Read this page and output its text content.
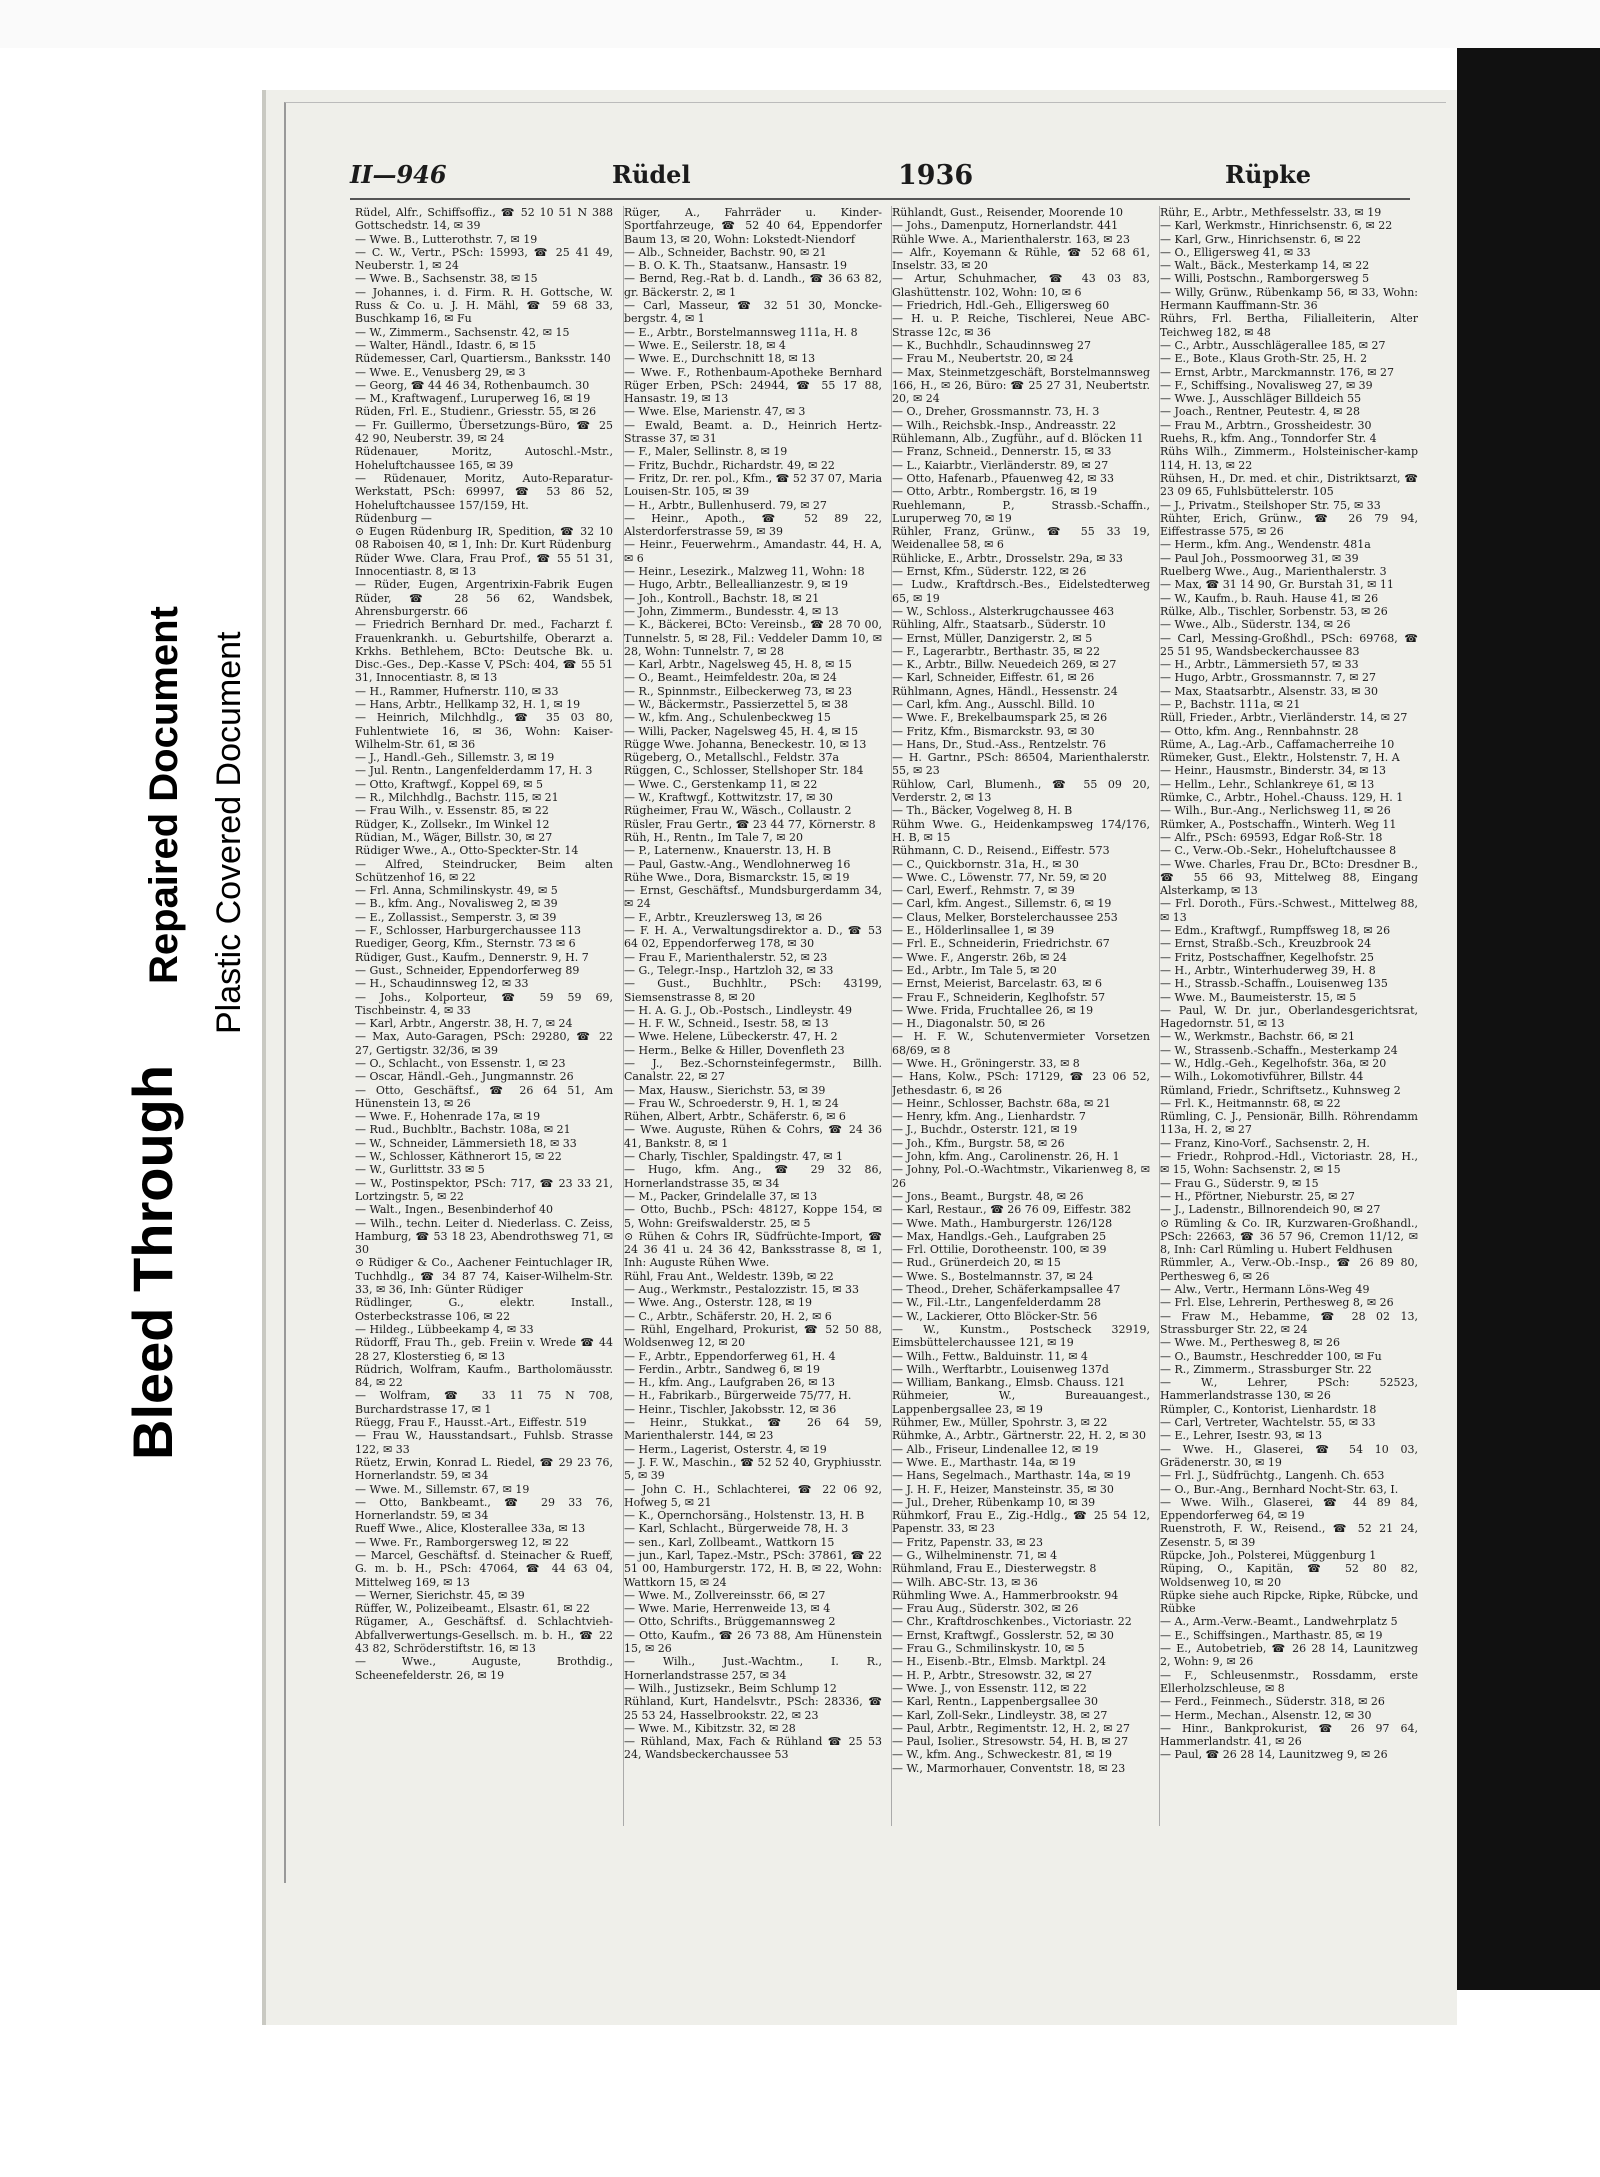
Bleed Through
Repaired Document Plastic Covered Document
II—946	Rüdel	1936	Rüpke

Rüdel, Alfr., Schiffsoffiz., ☎ 52 10 51 N 388 Gottschedstr. 14, ✉ 39

— Wwe. B., Lutterothstr. 7, ✉ 19

— C. W., Vertr., PSch: 15993, ☎ 25 41 49, Neuberstr. 1, ✉ 24

— Wwe. B., Sachsenstr. 38, ✉ 15

— Johannes, i. d. Firm. R. H. Gottsche, W. Russ & Co. u. J. H. Mähl, ☎ 59 68 33, Buschkamp 16, ✉ Fu

— W., Zimmerm., Sachsenstr. 42, ✉ 15

— Walter, Händl., Idastr. 6, ✉ 15

Rüdemesser, Carl, Quartiersm., Banksstr. 140

— Wwe. E., Venusberg 29, ✉ 3

— Georg, ☎ 44 46 34, Rothenbaumch. 30

— M., Kraftwagenf., Luruperweg 16, ✉ 19

Rüden, Frl. E., Studienr., Griesstr. 55, ✉ 26

— Fr. Guillermo, Übersetzungs-Büro, ☎ 25 42 90, Neuberstr. 39, ✉ 24

Rüdenauer, Moritz, Autoschl.-Mstr., Hoheluftchaussee 165, ✉ 39

— Rüdenauer, Moritz, Auto-Reparatur-Werkstatt, PSch: 69997, ☎ 53 86 52, Hoheluftchaussee 157/159, Ht.

Rüdenburg —

⊙ Eugen Rüdenburg IR, Spedition, ☎ 32 10 08 Raboisen 40, ✉ 1, Inh: Dr. Kurt Rüdenburg

Rüder Wwe. Clara, Frau Prof., ☎ 55 51 31, Innocentiastr. 8, ✉ 13

— Rüder, Eugen, Argentrixin-Fabrik Eugen Rüder, ☎ 28 56 62, Wandsbek, Ahrensburgerstr. 66

— Friedrich Bernhard Dr. med., Facharzt f. Frauenkrankh. u. Geburtshilfe, Oberarzt a. Krkhs. Bethlehem, BCto: Deutsche Bk. u. Disc.-Ges., Dep.-Kasse V, PSch: 404, ☎ 55 51 31, Innocentiastr. 8, ✉ 13

— H., Rammer, Hufnerstr. 110, ✉ 33

— Hans, Arbtr., Hellkamp 32, H. 1, ✉ 19

— Heinrich, Milchhdlg., ☎ 35 03 80, Fuhlentwiete 16, ✉ 36, Wohn: Kaiser-Wilhelm-Str. 61, ✉ 36

— J., Handl.-Geh., Sillemstr. 3, ✉ 19

— Jul. Rentn., Langenfelderdamm 17, H. 3

— Otto, Kraftwgf., Koppel 69, ✉ 5

— R., Milchhdlg., Bachstr. 115, ✉ 21

— Frau Wilh., v. Essenstr. 85, ✉ 22

Rüdger, K., Zollsekr., Im Winkel 12

Rüdian, M., Wäger, Billstr. 30, ✉ 27

Rüdiger Wwe., A., Otto-Speckter-Str. 14

— Alfred, Steindrucker, Beim alten Schützenhof 16, ✉ 22

— Frl. Anna, Schmilinskystr. 49, ✉ 5

— B., kfm. Ang., Novalisweg 2, ✉ 39

— E., Zollassist., Semperstr. 3, ✉ 39

— F., Schlosser, Harburgerchaussee 113

Ruediger, Georg, Kfm., Sternstr. 73 ✉ 6

Rüdiger, Gust., Kaufm., Dennerstr. 9, H. 7

— Gust., Schneider, Eppendorferweg 89

— H., Schaudinnsweg 12, ✉ 33

— Johs., Kolporteur, ☎ 59 59 69, Tischbeinstr. 4, ✉ 33

— Karl, Arbtr., Angerstr. 38, H. 7, ✉ 24

— Max, Auto-Garagen, PSch: 29280, ☎ 22 27, Gertigstr. 32/36, ✉ 39

— O., Schlacht., von Essenstr. 1, ✉ 23

— Oscar, Händl.-Geh., Jungmannstr. 26

— Otto, Geschäftsf., ☎ 26 64 51, Am Hünenstein 13, ✉ 26

— Wwe. F., Hohenrade 17a, ✉ 19

— Rud., Buchbltr., Bachstr. 108a, ✉ 21

— W., Schneider, Lämmersieth 18, ✉ 33

— W., Schlosser, Käthnerort 15, ✉ 22

— W., Gurlittstr. 33 ✉ 5

— W., Postinspektor, PSch: 717, ☎ 23 33 21, Lortzingstr. 5, ✉ 22

— Walt., Ingen., Besenbinderhof 40

— Wilh., techn. Leiter d. Niederlass. C. Zeiss, Hamburg, ☎ 53 18 23, Abendrothsweg 71, ✉ 30

⊙ Rüdiger & Co., Aachener Feintuchlager IR, Tuchhdlg., ☎ 34 87 74, Kaiser-Wilhelm-Str. 33, ✉ 36, Inh: Günter Rüdiger

Rüdlinger, G., elektr. Install., Osterbeckstrasse 106, ✉ 22

— Hildeg., Lübbeekamp 4, ✉ 33

Rüdorff, Frau Th., geb. Freiin v. Wrede ☎ 44 28 27, Klosterstieg 6, ✉ 13

Rüdrich, Wolfram, Kaufm., Bartholomäusstr. 84, ✉ 22

— Wolfram, ☎ 33 11 75 N 708, Burchardstrasse 17, ✉ 1

Rüegg, Frau F., Hausst.-Art., Eiffestr. 519

— Frau W., Hausstandsart., Fuhlsb. Strasse 122, ✉ 33

Rüetz, Erwin, Konrad L. Riedel, ☎ 29 23 76, Hornerlandstr. 59, ✉ 34

— Wwe. M., Sillemstr. 67, ✉ 19

— Otto, Bankbeamt., ☎ 29 33 76, Hornerlandstr. 59, ✉ 34

Rueff Wwe., Alice, Klosterallee 33a, ✉ 13

— Wwe. Fr., Ramborgersweg 12, ✉ 22

— Marcel, Geschäftsf. d. Steinacher & Rueff, G. m. b. H., PSch: 47064, ☎ 44 63 04, Mittelweg 169, ✉ 13

— Werner, Sierichstr. 45, ✉ 39

Rüffer, W., Polizeibeamt., Elsastr. 61, ✉ 22

Rügamer, A., Geschäftsf. d. Schlachtvieh-Abfallverwertungs-Gesellsch. m. b. H., ☎ 22 43 82, Schröderstiftstr. 16, ✉ 13

— Wwe., Auguste, Brothdig., Scheenefelderstr. 26, ✉ 19

Rüger, A., Fahrräder u. Kinder-Sportfahrzeuge, ☎ 52 40 64, Eppendorfer Baum 13, ✉ 20, Wohn: Lokstedt-Niendorf

— Alb., Schneider, Bachstr. 90, ✉ 21

— B. O. K. Th., Staatsanw., Hansastr. 19

— Bernd, Reg.-Rat b. d. Landh., ☎ 36 63 82, gr. Bäckerstr. 2, ✉ 1

— Carl, Masseur, ☎ 32 51 30, Moncke-bergstr. 4, ✉ 1

— E., Arbtr., Borstelmannsweg 111a, H. 8

— Wwe. E., Seilerstr. 18, ✉ 4

— Wwe. E., Durchschnitt 18, ✉ 13

— Wwe. F., Rothenbaum-Apotheke Bernhard Rüger Erben, PSch: 24944, ☎ 55 17 88, Hansastr. 19, ✉ 13

— Wwe. Else, Marienstr. 47, ✉ 3

— Ewald, Beamt. a. D., Heinrich Hertz-Strasse 37, ✉ 31

— F., Maler, Sellinstr. 8, ✉ 19

— Fritz, Buchdr., Richardstr. 49, ✉ 22

— Fritz, Dr. rer. pol., Kfm., ☎ 52 37 07, Maria Louisen-Str. 105, ✉ 39

— H., Arbtr., Bullenhuserd. 79, ✉ 27

— Heinr., Apoth., ☎ 52 89 22, Alsterdorferstrasse 59, ✉ 39

— Heinr., Feuerwehrm., Amandastr. 44, H. A, ✉ 6

— Heinr., Lesezirk., Malzweg 11, Wohn: 18

— Hugo, Arbtr., Belleallianzestr. 9, ✉ 19

— Joh., Kontroll., Bachstr. 18, ✉ 21

— John, Zimmerm., Bundesstr. 4, ✉ 13

— K., Bäckerei, BCto: Vereinsb., ☎ 28 70 00, Tunnelstr. 5, ✉ 28, Fil.: Veddeler Damm 10, ✉ 28, Wohn: Tunnelstr. 7, ✉ 28

— Karl, Arbtr., Nagelsweg 45, H. 8, ✉ 15

— O., Beamt., Heimfeldestr. 20a, ✉ 24

— R., Spinnmstr., Eilbeckerweg 73, ✉ 23

— W., Bäckermstr., Passierzettel 5, ✉ 38

— W., kfm. Ang., Schulenbeckweg 15

— Willi, Packer, Nagelsweg 45, H. 4, ✉ 15

Rügge Wwe. Johanna, Beneckestr. 10, ✉ 13

Rügeberg, O., Metallschl., Feldstr. 37a

Rüggen, C., Schlosser, Stellshoper Str. 184

— Wwe. C., Gerstenkamp 11, ✉ 22

— W., Kraftwgf., Kottwitzstr. 17, ✉ 30

Rügheimer, Frau W., Wäsch., Collaustr. 2

Rüsler, Frau Gertr., ☎ 23 44 77, Körnerstr. 8

Rüh, H., Rentn., Im Tale 7, ✉ 20

— P., Laternenw., Knauerstr. 13, H. B

— Paul, Gastw.-Ang., Wendlohnerweg 16

Rühe Wwe., Dora, Bismarckstr. 15, ✉ 19

— Ernst, Geschäftsf., Mundsburgerdamm 34, ✉ 24

— F., Arbtr., Kreuzlersweg 13, ✉ 26

— F. H. A., Verwaltungsdirektor a. D., ☎ 53 64 02, Eppendorferweg 178, ✉ 30

— Frau F., Marienthalerstr. 52, ✉ 23

— G., Telegr.-Insp., Hartzloh 32, ✉ 33

— Gust., Buchhltr., PSch: 43199, Siemsenstrasse 8, ✉ 20

— H. A. G. J., Ob.-Postsch., Lindleystr. 49

— H. F. W., Schneid., Isestr. 58, ✉ 13

— Wwe. Helene, Lübeckerstr. 47, H. 2

— Herm., Belke & Hiller, Dovenfleth 23

— J., Bez.-Schornsteinfegermstr., Billh. Canalstr. 22, ✉ 27

— Max, Hausw., Sierichstr. 53, ✉ 39

— Frau W., Schroederstr. 9, H. 1, ✉ 24

Rühen, Albert, Arbtr., Schäferstr. 6, ✉ 6

— Wwe. Auguste, Rühen & Cohrs, ☎ 24 36 41, Bankstr. 8, ✉ 1

— Charly, Tischler, Spaldingstr. 47, ✉ 1

— Hugo, kfm. Ang., ☎ 29 32 86, Hornerlandstrasse 35, ✉ 34

— M., Packer, Grindelalle 37, ✉ 13

— Otto, Buchb., PSch: 48127, Koppe 154, ✉ 5, Wohn: Greifswalderstr. 25, ✉ 5

⊙ Rühen & Cohrs IR, Südfrüchte-Import, ☎ 24 36 41 u. 24 36 42, Banksstrasse 8, ✉ 1, Inh: Auguste Rühen Wwe.

Rühl, Frau Ant., Weldestr. 139b, ✉ 22

— Aug., Werkmstr., Pestalozzistr. 15, ✉ 33

— Wwe. Ang., Osterstr. 128, ✉ 19

— C., Arbtr., Schäferstr. 20, H. 2, ✉ 6

— Rühl, Engelhard, Prokurist, ☎ 52 50 88, Woldsenweg 12, ✉ 20

— F., Arbtr., Eppendorferweg 61, H. 4

— Ferdin., Arbtr., Sandweg 6, ✉ 19

— H., kfm. Ang., Laufgraben 26, ✉ 13

— H., Fabrikarb., Bürgerweide 75/77, H.

— Heinr., Tischler, Jakobsstr. 12, ✉ 36

— Heinr., Stukkat., ☎ 26 64 59, Marienthalerstr. 144, ✉ 23

— Herm., Lagerist, Osterstr. 4, ✉ 19

— J. F. W., Maschin., ☎ 52 52 40, Gryphiusstr. 5, ✉ 39

— John C. H., Schlachterei, ☎ 22 06 92, Hofweg 5, ✉ 21

— K., Opernchorsäng., Holstenstr. 13, H. B

— Karl, Schlacht., Bürgerweide 78, H. 3

— sen., Karl, Zollbeamt., Wattkorn 15

— jun., Karl, Tapez.-Mstr., PSch: 37861, ☎ 22 51 00, Hamburgerstr. 172, H. B, ✉ 22, Wohn: Wattkorn 15, ✉ 24

— Wwe. M., Zollvereinsstr. 66, ✉ 27

— Wwe. Marie, Herrenweide 13, ✉ 4

— Otto, Schrifts., Brüggemannsweg 2

— Otto, Kaufm., ☎ 26 73 88, Am Hünenstein 15, ✉ 26

— Wilh., Just.-Wachtm., I. R., Hornerlandstrasse 257, ✉ 34

— Wilh., Justizsekr., Beim Schlump 12

Rühland, Kurt, Handelsvtr., PSch: 28336, ☎ 25 53 24, Hasselbrookstr. 22, ✉ 23

— Wwe. M., Kibitzstr. 32, ✉ 28

— Rühland, Max, Fach & Rühland ☎ 25 53 24, Wandsbeckerchaussee 53

Rühlandt, Gust., Reisender, Moorende 10

— Johs., Damenputz, Hornerlandstr. 441

Rühle Wwe. A., Marienthalerstr. 163, ✉ 23

— Alfr., Koyemann & Rühle, ☎ 52 68 61, Inselstr. 33, ✉ 20

— Artur, Schuhmacher, ☎ 43 03 83, Glashüttenstr. 102, Wohn: 10, ✉ 6

— Friedrich, Hdl.-Geh., Elligersweg 60

— H. u. P. Reiche, Tischlerei, Neue ABC-Strasse 12c, ✉ 36

— K., Buchhdlr., Schaudinnsweg 27

— Frau M., Neubertstr. 20, ✉ 24

— Max, Steinmetzgeschäft, Borstelmannsweg 166, H., ✉ 26, Büro: ☎ 25 27 31, Neubertstr. 20, ✉ 24

— O., Dreher, Grossmannstr. 73, H. 3

— Wilh., Reichsbk.-Insp., Andreasstr. 22

Rühlemann, Alb., Zugführ., auf d. Blöcken 11

— Franz, Schneid., Dennerstr. 15, ✉ 33

— L., Kaiarbtr., Vierländerstr. 89, ✉ 27

— Otto, Hafenarb., Pfauenweg 42, ✉ 33

— Otto, Arbtr., Rombergstr. 16, ✉ 19

Ruehlemann, P., Strassb.-Schaffn., Luruperweg 70, ✉ 19

Rühler, Franz, Grünw., ☎ 55 33 19, Weidenallee 58, ✉ 6

Rühlicke, E., Arbtr., Drosselstr. 29a, ✉ 33

— Ernst, Kfm., Süderstr. 122, ✉ 26

— Ludw., Kraftdrsch.-Bes., Eidelstedterweg 65, ✉ 19

— W., Schloss., Alsterkrugchaussee 463

Rühling, Alfr., Staatsarb., Süderstr. 10

— Ernst, Müller, Danzigerstr. 2, ✉ 5

— F., Lagerarbtr., Berthastr. 35, ✉ 22

— K., Arbtr., Billw. Neuedeich 269, ✉ 27

— Karl, Schneider, Eiffestr. 61, ✉ 26

Rühlmann, Agnes, Händl., Hessenstr. 24

— Carl, kfm. Ang., Ausschl. Billd. 10

— Wwe. F., Brekelbaumspark 25, ✉ 26

— Fritz, Kfm., Bismarckstr. 93, ✉ 30

— Hans, Dr., Stud.-Ass., Rentzelstr. 76

— H. Gartnr., PSch: 86504, Marienthalerstr. 55, ✉ 23

Rühlow, Carl, Blumenh., ☎ 55 09 20, Verderstr. 2, ✉ 13

— Th., Bäcker, Vogelweg 8, H. B

Rühm Wwe. G., Heidenkampsweg 174/176, H. B, ✉ 15

Rühmann, C. D., Reisend., Eiffestr. 573

— C., Quickbornstr. 31a, H., ✉ 30

— Wwe. C., Löwenstr. 77, Nr. 59, ✉ 20

— Carl, Ewerf., Rehmstr. 7, ✉ 39

— Carl, kfm. Angest., Sillemstr. 6, ✉ 19

— Claus, Melker, Borstelerchaussee 253

— E., Hölderlinsallee 1, ✉ 39

— Frl. E., Schneiderin, Friedrichstr. 67

— Wwe. F., Angerstr. 26b, ✉ 24

— Ed., Arbtr., Im Tale 5, ✉ 20

— Ernst, Meierist, Barcelastr. 63, ✉ 6

— Frau F., Schneiderin, Keglhofstr. 57

— Wwe. Frida, Fruchtallee 26, ✉ 19

— H., Diagonalstr. 50, ✉ 26

— H. F. W., Schutenvermieter Vorsetzen 68/69, ✉ 8

— Wwe. H., Gröningerstr. 33, ✉ 8

— Hans, Kolw., PSch: 17129, ☎ 23 06 52, Jethesdastr. 6, ✉ 26

— Heinr., Schlosser, Bachstr. 68a, ✉ 21

— Henry, kfm. Ang., Lienhardstr. 7

— J., Buchdr., Osterstr. 121, ✉ 19

— Joh., Kfm., Burgstr. 58, ✉ 26

— John, kfm. Ang., Carolinenstr. 26, H. 1

— Johny, Pol.-O.-Wachtmstr., Vikarienweg 8, ✉ 26

— Jons., Beamt., Burgstr. 48, ✉ 26

— Karl, Restaur., ☎ 26 76 09, Eiffestr. 382

— Wwe. Math., Hamburgerstr. 126/128

— Max, Handlgs.-Geh., Laufgraben 25

— Frl. Ottilie, Dorotheenstr. 100, ✉ 39

— Rud., Grünerdeich 20, ✉ 15

— Wwe. S., Bostelmannstr. 37, ✉ 24

— Theod., Dreher, Schäferkampsallee 47

— W., Fil.-Ltr., Langenfelderdamm 28

— W., Lackierer, Otto Blöcker-Str. 56

— W., Kunstm., Postscheck 32919, Eimsbüttelerchaussee 121, ✉ 19

— Wilh., Fettw., Balduinstr. 11, ✉ 4

— Wilh., Werftarbtr., Louisenweg 137d

— William, Bankang., Elmsb. Chauss. 121

Rühmeier, W., Bureauangest., Lappenbergsallee 23, ✉ 19

Rühmer, Ew., Müller, Spohrstr. 3, ✉ 22

Rühmke, A., Arbtr., Gärtnerstr. 22, H. 2, ✉ 30

— Alb., Friseur, Lindenallee 12, ✉ 19

— Wwe. E., Marthastr. 14a, ✉ 19

— Hans, Segelmach., Marthastr. 14a, ✉ 19

— J. H. F., Heizer, Mansteinstr. 35, ✉ 30

— Jul., Dreher, Rübenkamp 10, ✉ 39

Rühmkorf, Frau E., Zig.-Hdlg., ☎ 25 54 12, Papenstr. 33, ✉ 23

— Fritz, Papenstr. 33, ✉ 23

— G., Wilhelminenstr. 71, ✉ 4

Rühmland, Frau E., Diesterwegstr. 8

— Wilh. ABC-Str. 13, ✉ 36

Rühmling Wwe. A., Hammerbrookstr. 94

— Frau Aug., Süderstr. 302, ✉ 26

— Chr., Kraftdroschkenbes., Victoriastr. 22

— Ernst, Kraftwgf., Gosslerstr. 52, ✉ 30

— Frau G., Schmilinskystr. 10, ✉ 5

— H., Eisenb.-Btr., Elmsb. Marktpl. 24

— H. P., Arbtr., Stresowstr. 32, ✉ 27

— Wwe. J., von Essenstr. 112, ✉ 22

— Karl, Rentn., Lappenbergsallee 30

— Karl, Zoll-Sekr., Lindleystr. 38, ✉ 27

— Paul, Arbtr., Regimentstr. 12, H. 2, ✉ 27

— Paul, Isolier., Stresowstr. 54, H. B, ✉ 27

— W., kfm. Ang., Schweckestr. 81, ✉ 19

— W., Marmorhauer, Conventstr. 18, ✉ 23

Rühr, E., Arbtr., Methfesselstr. 33, ✉ 19

— Karl, Werkmstr., Hinrichsenstr. 6, ✉ 22

— Karl, Grw., Hinrichsenstr. 6, ✉ 22

— O., Elligersweg 41, ✉ 33

— Walt., Bäck., Mesterkamp 14, ✉ 22

— Willi, Postschn., Ramborgersweg 5

— Willy, Grünw., Rübenkamp 56, ✉ 33, Wohn: Hermann Kauffmann-Str. 36

Rührs, Frl. Bertha, Filialleiterin, Alter Teichweg 182, ✉ 48

— C., Arbtr., Ausschlägerallee 185, ✉ 27

— E., Bote., Klaus Groth-Str. 25, H. 2

— Ernst, Arbtr., Marckmannstr. 176, ✉ 27

— F., Schiffsing., Novalisweg 27, ✉ 39

— Wwe. J., Ausschläger Billdeich 55

— Joach., Rentner, Peutestr. 4, ✉ 28

— Frau M., Arbtrn., Grossheidestr. 30

Ruehs, R., kfm. Ang., Tonndorfer Str. 4

Rühs Wilh., Zimmerm., Holsteinischer-kamp 114, H. 13, ✉ 22

Rühsen, H., Dr. med. et chir., Distriktsarzt, ☎ 23 09 65, Fuhlsbüttelerstr. 105

— J., Privatm., Steilshoper Str. 75, ✉ 33

Rühter, Erich, Grünw., ☎ 26 79 94, Eiffestrasse 575, ✉ 26

— Herm., kfm. Ang., Wendenstr. 481a

— Paul Joh., Possmoorweg 31, ✉ 39

Ruelberg Wwe., Aug., Marienthalerstr. 3

— Max, ☎ 31 14 90, Gr. Burstah 31, ✉ 11

— W., Kaufm., b. Rauh. Hause 41, ✉ 26

Rülke, Alb., Tischler, Sorbenstr. 53, ✉ 26

— Wwe., Alb., Süderstr. 134, ✉ 26

— Carl, Messing-Großhdl., PSch: 69768, ☎ 25 51 95, Wandsbeckerchaussee 83

— H., Arbtr., Lämmersieth 57, ✉ 33

— Hugo, Arbtr., Grossmannstr. 7, ✉ 27

— Max, Staatsarbtr., Alsenstr. 33, ✉ 30

— P., Bachstr. 111a, ✉ 21

Rüll, Frieder., Arbtr., Vierländerstr. 14, ✉ 27

— Otto, kfm. Ang., Rennbahnstr. 28

Rüme, A., Lag.-Arb., Caffamacherreihe 10

Rümeker, Gust., Elektr., Holstenstr. 7, H. A

— Heinr., Hausmstr., Binderstr. 34, ✉ 13

— Hellm., Lehr., Schlankreye 61, ✉ 13

Rümke, C., Arbtr., Hohel.-Chauss. 129, H. 1

— Wilh., Bur.-Ang., Nerlichsweg 11, ✉ 26

Rümker, A., Postschaffn., Winterh. Weg 11

— Alfr., PSch: 69593, Edgar Roß-Str. 18

— C., Verw.-Ob.-Sekr., Hoheluftchaussee 8

— Wwe. Charles, Frau Dr., BCto: Dresdner B., ☎ 55 66 93, Mittelweg 88, Eingang Alsterkamp, ✉ 13

— Frl. Doroth., Fürs.-Schwest., Mittelweg 88, ✉ 13

— Edm., Kraftwgf., Rumpffsweg 18, ✉ 26

— Ernst, Straßb.-Sch., Kreuzbrook 24

— Fritz, Postschaffner, Kegelhofstr. 25

— H., Arbtr., Winterhuderweg 39, H. 8

— H., Strassb.-Schaffn., Louisenweg 135

— Wwe. M., Baumeisterstr. 15, ✉ 5

— Paul, W. Dr. jur., Oberlandesgerichtsrat, Hagedornstr. 51, ✉ 13

— W., Werkmstr., Bachstr. 66, ✉ 21

— W., Strassenb.-Schaffn., Mesterkamp 24

— W., Hdlg.-Geh., Kegelhofstr. 36a, ✉ 20

— Wilh., Lokomotivführer, Billstr. 44

Rümland, Friedr., Schriftsetz., Kuhnsweg 2

— Frl. K., Heitmannstr. 68, ✉ 22

Rümling, C. J., Pensionär, Billh. Röhrendamm 113a, H. 2, ✉ 27

— Franz, Kino-Vorf., Sachsenstr. 2, H.

— Friedr., Rohprod.-Hdl., Victoriastr. 28, H., ✉ 15, Wohn: Sachsenstr. 2, ✉ 15

— Frau G., Süderstr. 9, ✉ 15

— H., Pförtner, Nieburstr. 25, ✉ 27

— J., Ladenstr., Billnorendeich 90, ✉ 27

⊙ Rümling & Co. IR, Kurzwaren-Großhandl., PSch: 22663, ☎ 36 57 96, Cremon 11/12, ✉ 8, Inh: Carl Rümling u. Hubert Feldhusen

Rümmler, A., Verw.-Ob.-Insp., ☎ 26 89 80, Perthesweg 6, ✉ 26

— Alw., Vertr., Hermann Löns-Weg 49

— Frl. Else, Lehrerin, Perthesweg 8, ✉ 26

— Fraw M., Hebamme, ☎ 28 02 13, Strassburger Str. 22, ✉ 24

— Wwe. M., Perthesweg 8, ✉ 26

— O., Baumstr., Heschredder 100, ✉ Fu

— R., Zimmerm., Strassburger Str. 22

— W., Lehrer, PSch: 52523, Hammerlandstrasse 130, ✉ 26

Rümpler, C., Kontorist, Lienhardstr. 18

— Carl, Vertreter, Wachtelstr. 55, ✉ 33

— E., Lehrer, Isestr. 93, ✉ 13

— Wwe. H., Glaserei, ☎ 54 10 03, Grädenerstr. 30, ✉ 19

— Frl. J., Südfrüchtg., Langenh. Ch. 653

— O., Bur.-Ang., Bernhard Nocht-Str. 63, I.

— Wwe. Wilh., Glaserei, ☎ 44 89 84, Eppendorferweg 64, ✉ 19

Ruenstroth, F. W., Reisend., ☎ 52 21 24, Zesenstr. 5, ✉ 39

Rüpcke, Joh., Polsterei, Müggenburg 1

Rüping, O., Kapitän, ☎ 52 80 82, Woldsenweg 10, ✉ 20

Rüpke siehe auch Ripcke, Ripke, Rübcke, und Rübke

— A., Arm.-Verw.-Beamt., Landwehrplatz 5

— E., Schiffsingen., Marthastr. 85, ✉ 19

— E., Autobetrieb, ☎ 26 28 14, Launitzweg 2, Wohn: 9, ✉ 26

— F., Schleusenmstr., Rossdamm, erste Ellerholzschleuse, ✉ 8

— Ferd., Feinmech., Süderstr. 318, ✉ 26

— Herm., Mechan., Alsenstr. 12, ✉ 30

— Hinr., Bankprokurist, ☎ 26 97 64, Hammerlandstr. 41, ✉ 26

— Paul, ☎ 26 28 14, Launitzweg 9, ✉ 26
